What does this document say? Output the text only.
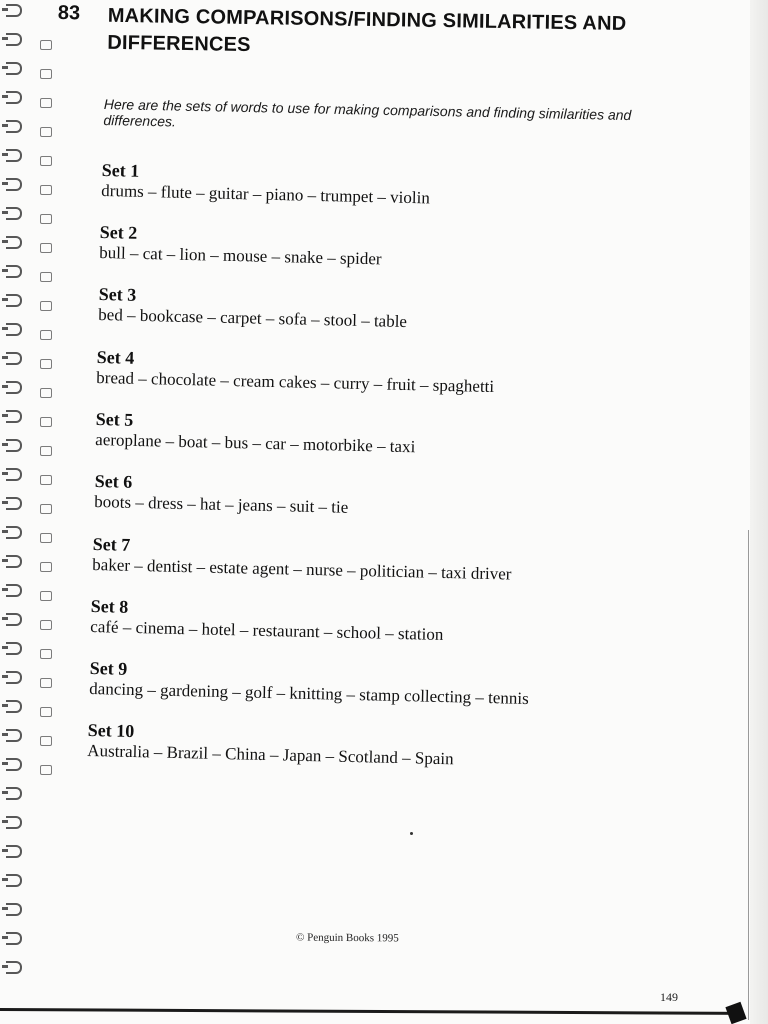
83 MAKING COMPARISONS/FINDING SIMILARITIES AND DIFFERENCES
Here are the sets of words to use for making comparisons and finding similarities and differences.

Set 1

drums – flute – guitar – piano – trumpet – violin

Set 2

bull – cat – lion – mouse – snake – spider

Set 3

bed – bookcase – carpet – sofa – stool – table

Set 4

bread – chocolate – cream cakes – curry – fruit – spaghetti

Set 5

aeroplane – boat – bus – car – motorbike – taxi

Set 6

boots – dress – hat – jeans – suit – tie

Set 7

baker – dentist – estate agent – nurse – politician – taxi driver

Set 8

café – cinema – hotel – restaurant – school – station

Set 9

dancing – gardening – golf – knitting – stamp collecting – tennis

Set 10

Australia – Brazil – China – Japan – Scotland – Spain

© Penguin Books 1995
149
